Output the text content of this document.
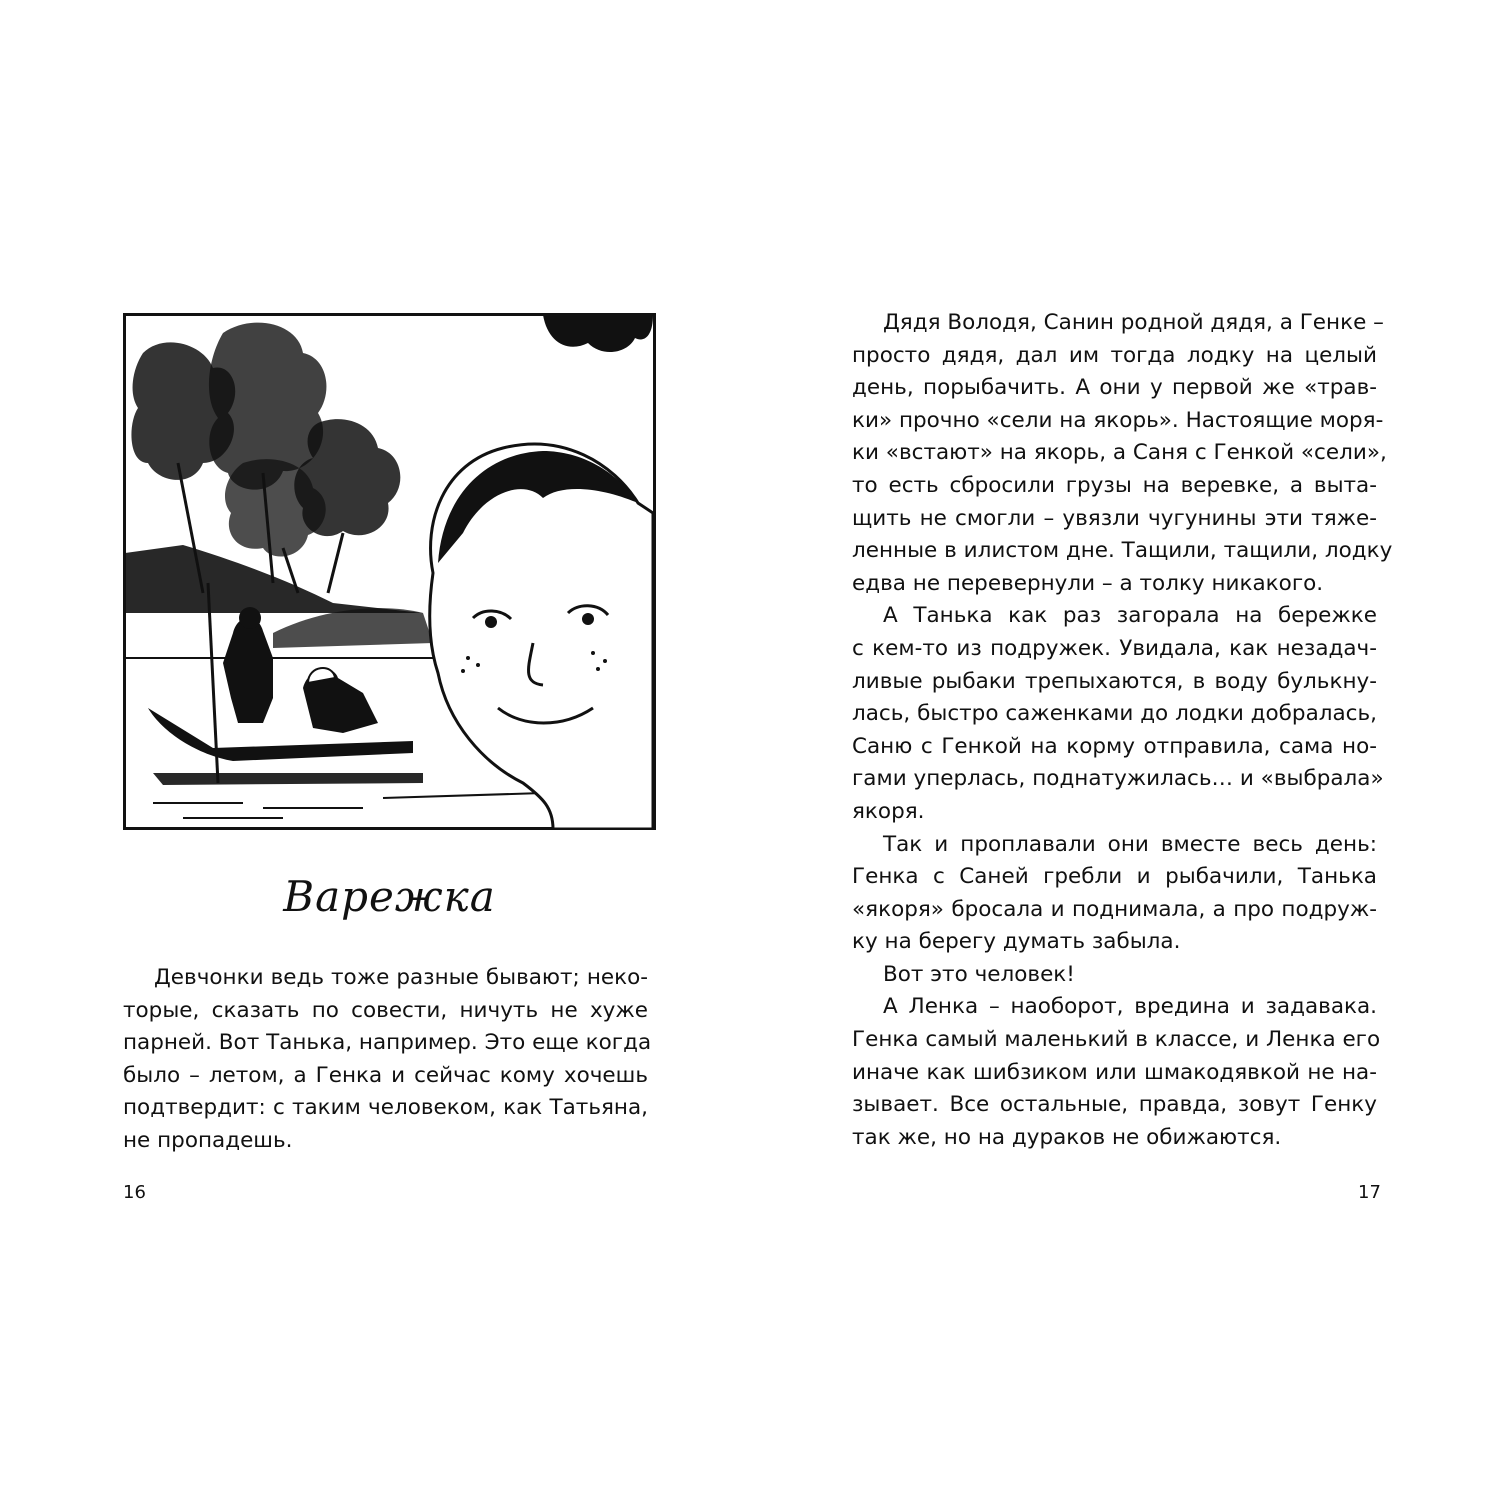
Варежка
Девчонки ведь тоже разные бывают; неко-
торые, сказать по совести, ничуть не хуже
парней. Вот Танька, например. Это еще когда
было – летом, а Генка и сейчас кому хочешь
подтвердит: с таким человеком, как Татьяна,
не пропадешь.
16
Дядя Володя, Санин родной дядя, а Генке –
просто дядя, дал им тогда лодку на целый
день, порыбачить. А они у первой же «трав-
ки» прочно «сели на якорь». Настоящие моря-
ки «встают» на якорь, а Саня с Генкой «сели»,
то есть сбросили грузы на веревке, а выта-
щить не смогли – увязли чугунины эти тяже-
ленные в илистом дне. Тащили, тащили, лодку
едва не перевернули – а толку никакого.
А Танька как раз загорала на бережке
с кем-то из подружек. Увидала, как незадач-
ливые рыбаки трепыхаются, в воду булькну-
лась, быстро саженками до лодки добралась,
Саню с Генкой на корму отправила, сама но-
гами уперлась, поднатужилась… и «выбрала»
якоря.
Так и проплавали они вместе весь день:
Генка с Саней гребли и рыбачили, Танька
«якоря» бросала и поднимала, а про подруж-
ку на берегу думать забыла.
Вот это человек!
А Ленка – наоборот, вредина и задавака.
Генка самый маленький в классе, и Ленка его
иначе как шибзиком или шмакодявкой не на-
зывает. Все остальные, правда, зовут Генку
так же, но на дураков не обижаются.
17
